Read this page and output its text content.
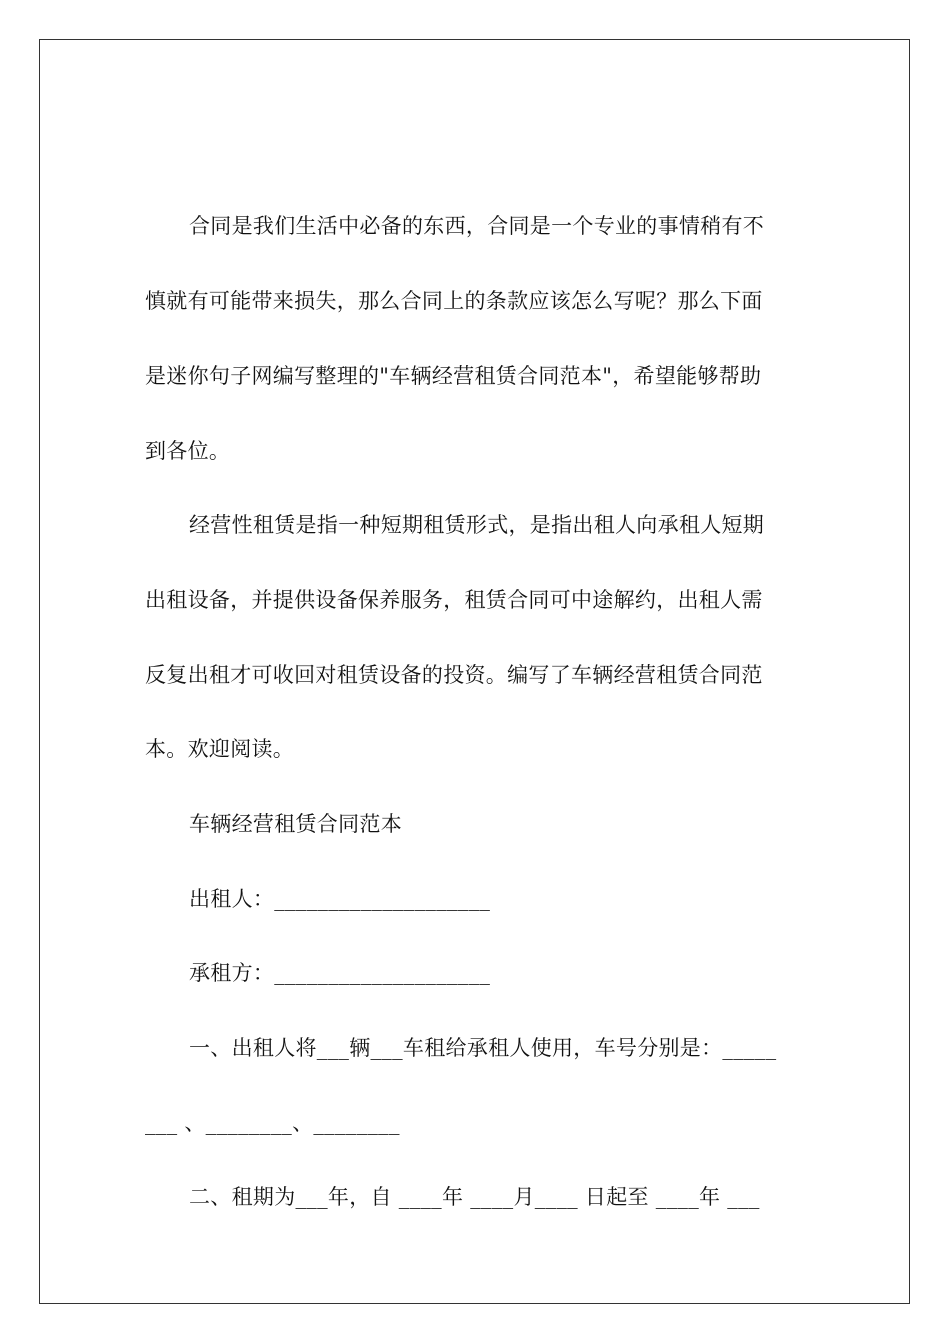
合同是我们生活中必备的东西，合同是一个专业的事情稍有不
慎就有可能带来损失，那么合同上的条款应该怎么写呢？那么下面
是迷你句子网编写整理的"车辆经营租赁合同范本"，希望能够帮助
到各位。
经营性租赁是指一种短期租赁形式，是指出租人向承租人短期
出租设备，并提供设备保养服务，租赁合同可中途解约，出租人需
反复出租才可收回对租赁设备的投资。编写了车辆经营租赁合同范
本。欢迎阅读。
车辆经营租赁合同范本
出租人：____________________
承租方：____________________
一、出租人将___辆___车租给承租人使用，车号分别是：_____
___ 、________、________
二、租期为___年，自 ____年 ____月____ 日起至 ____年 ___
